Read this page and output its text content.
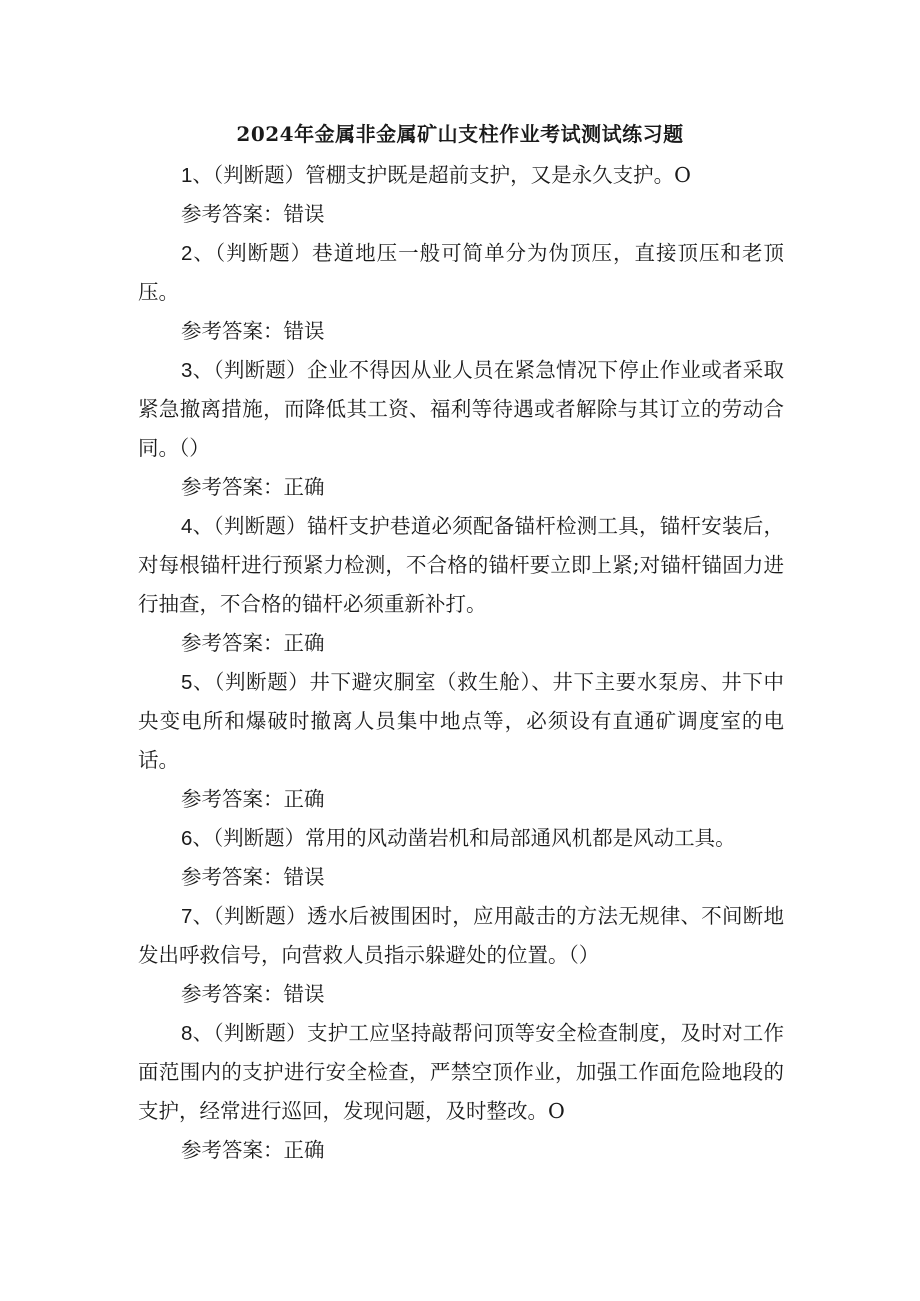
2024年金属非金属矿山支柱作业考试测试练习题

1、（判断题）管棚支护既是超前支护，又是永久支护。O

参考答案：错误

2、（判断题）巷道地压一般可简单分为伪顶压，直接顶压和老顶压。

参考答案：错误

3、（判断题）企业不得因从业人员在紧急情况下停止作业或者采取紧急撤离措施，而降低其工资、福利等待遇或者解除与其订立的劳动合同。（）

参考答案：正确

4、（判断题）锚杆支护巷道必须配备锚杆检测工具，锚杆安装后，对每根锚杆进行预紧力检测，不合格的锚杆要立即上紧;对锚杆锚固力进行抽查，不合格的锚杆必须重新补打。

参考答案：正确

5、（判断题）井下避灾胴室（救生舱）、井下主要水泵房、井下中央变电所和爆破时撤离人员集中地点等，必须设有直通矿调度室的电话。

参考答案：正确

6、（判断题）常用的风动凿岩机和局部通风机都是风动工具。

参考答案：错误

7、（判断题）透水后被围困时，应用敲击的方法无规律、不间断地发出呼救信号，向营救人员指示躲避处的位置。（）

参考答案：错误

8、（判断题）支护工应坚持敲帮问顶等安全检查制度，及时对工作面范围内的支护进行安全检查，严禁空顶作业，加强工作面危险地段的支护，经常进行巡回，发现问题，及时整改。O

参考答案：正确
